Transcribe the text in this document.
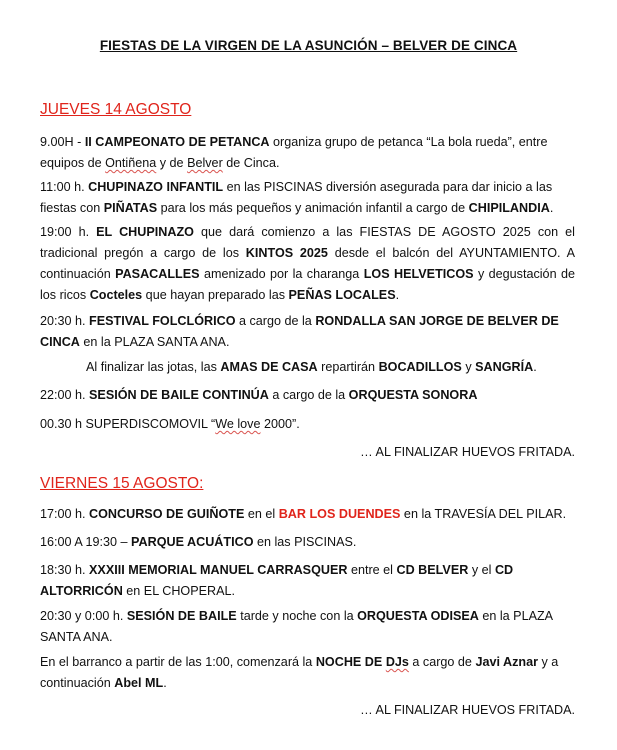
FIESTAS DE LA VIRGEN DE LA ASUNCIÓN – BELVER DE CINCA
JUEVES 14 AGOSTO
9.00H - II CAMPEONATO DE PETANCA organiza grupo de petanca “La bola rueda”, entre equipos de Ontiñena y de Belver de Cinca.
11:00 h. CHUPINAZO INFANTIL en las PISCINAS diversión asegurada para dar inicio a las fiestas con PIÑATAS para los más pequeños y animación infantil a cargo de CHIPILANDIA.
19:00 h. EL CHUPINAZO que dará comienzo a las FIESTAS DE AGOSTO 2025 con el tradicional pregón a cargo de los KINTOS 2025 desde el balcón del AYUNTAMIENTO. A continuación PASACALLES amenizado por la charanga LOS HELVETICOS y degustación de los ricos Cocteles que hayan preparado las PEÑAS LOCALES.
20:30 h. FESTIVAL FOLCLÓRICO a cargo de la RONDALLA SAN JORGE DE BELVER DE CINCA en la PLAZA SANTA ANA.
Al finalizar las jotas, las AMAS DE CASA repartirán BOCADILLOS y SANGRÍA.
22:00 h. SESIÓN DE BAILE CONTINÚA a cargo de la ORQUESTA SONORA
00.30 h SUPERDISCOMOVIL “We love 2000”.
… AL FINALIZAR HUEVOS FRITADA.
VIERNES 15 AGOSTO:
17:00 h. CONCURSO DE GUIÑOTE en el BAR LOS DUENDES en la TRAVESÍA DEL PILAR.
16:00 A 19:30 – PARQUE ACUÁTICO en las PISCINAS.
18:30 h. XXXIII MEMORIAL MANUEL CARRASQUER entre el CD BELVER y el CD ALTORRICÓN en EL CHOPERAL.
20:30 y 0:00 h. SESIÓN DE BAILE tarde y noche con la ORQUESTA ODISEA en la PLAZA SANTA ANA.
En el barranco a partir de las 1:00, comenzará la NOCHE DE DJs a cargo de Javi Aznar y a continuación Abel ML.
… AL FINALIZAR HUEVOS FRITADA.
